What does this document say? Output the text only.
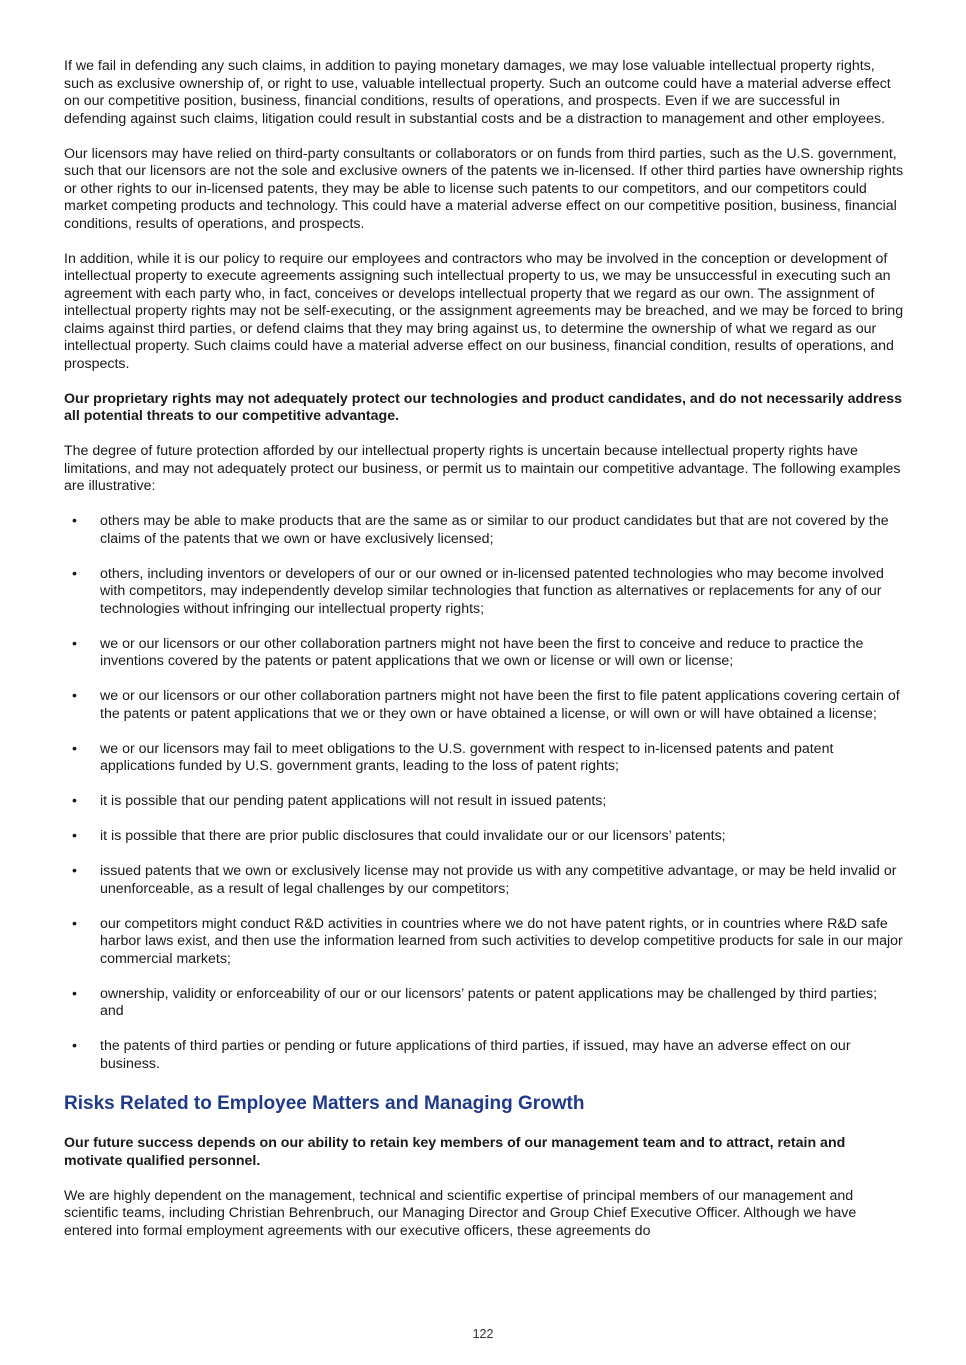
If we fail in defending any such claims, in addition to paying monetary damages, we may lose valuable intellectual property rights, such as exclusive ownership of, or right to use, valuable intellectual property. Such an outcome could have a material adverse effect on our competitive position, business, financial conditions, results of operations, and prospects. Even if we are successful in defending against such claims, litigation could result in substantial costs and be a distraction to management and other employees.

Our licensors may have relied on third-party consultants or collaborators or on funds from third parties, such as the U.S. government, such that our licensors are not the sole and exclusive owners of the patents we in-licensed. If other third parties have ownership rights or other rights to our in-licensed patents, they may be able to license such patents to our competitors, and our competitors could market competing products and technology. This could have a material adverse effect on our competitive position, business, financial conditions, results of operations, and prospects.

In addition, while it is our policy to require our employees and contractors who may be involved in the conception or development of intellectual property to execute agreements assigning such intellectual property to us, we may be unsuccessful in executing such an agreement with each party who, in fact, conceives or develops intellectual property that we regard as our own. The assignment of intellectual property rights may not be self-executing, or the assignment agreements may be breached, and we may be forced to bring claims against third parties, or defend claims that they may bring against us, to determine the ownership of what we regard as our intellectual property. Such claims could have a material adverse effect on our business, financial condition, results of operations, and prospects.

Our proprietary rights may not adequately protect our technologies and product candidates, and do not necessarily address all potential threats to our competitive advantage.

The degree of future protection afforded by our intellectual property rights is uncertain because intellectual property rights have limitations, and may not adequately protect our business, or permit us to maintain our competitive advantage. The following examples are illustrative:

• others may be able to make products that are the same as or similar to our product candidates but that are not covered by the claims of the patents that we own or have exclusively licensed;
• others, including inventors or developers of our or our owned or in-licensed patented technologies who may become involved with competitors, may independently develop similar technologies that function as alternatives or replacements for any of our technologies without infringing our intellectual property rights;
• we or our licensors or our other collaboration partners might not have been the first to conceive and reduce to practice the inventions covered by the patents or patent applications that we own or license or will own or license;
• we or our licensors or our other collaboration partners might not have been the first to file patent applications covering certain of the patents or patent applications that we or they own or have obtained a license, or will own or will have obtained a license;
• we or our licensors may fail to meet obligations to the U.S. government with respect to in-licensed patents and patent applications funded by U.S. government grants, leading to the loss of patent rights;
• it is possible that our pending patent applications will not result in issued patents;
• it is possible that there are prior public disclosures that could invalidate our or our licensors’ patents;
• issued patents that we own or exclusively license may not provide us with any competitive advantage, or may be held invalid or unenforceable, as a result of legal challenges by our competitors;
• our competitors might conduct R&D activities in countries where we do not have patent rights, or in countries where R&D safe harbor laws exist, and then use the information learned from such activities to develop competitive products for sale in our major commercial markets;
• ownership, validity or enforceability of our or our licensors’ patents or patent applications may be challenged by third parties; and
• the patents of third parties or pending or future applications of third parties, if issued, may have an adverse effect on our business.
Risks Related to Employee Matters and Managing Growth

Our future success depends on our ability to retain key members of our management team and to attract, retain and motivate qualified personnel.

We are highly dependent on the management, technical and scientific expertise of principal members of our management and scientific teams, including Christian Behrenbruch, our Managing Director and Group Chief Executive Officer. Although we have entered into formal employment agreements with our executive officers, these agreements do

122
